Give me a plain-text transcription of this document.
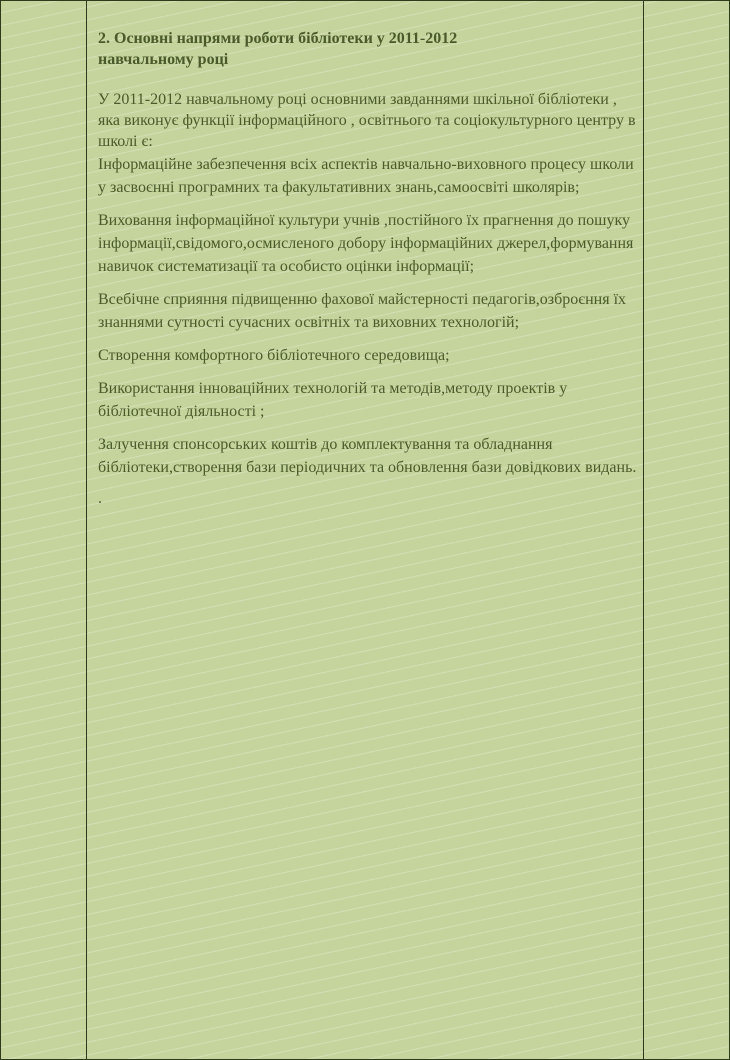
2. Основні напрями роботи бібліотеки у 2011-2012
навчальному році

У 2011-2012 навчальному році основними завданнями шкільної бібліотеки , яка виконує функції інформаційного , освітнього та соціокультурного центру в школі є:

Інформаційне забезпечення всіх аспектів навчально-виховного процесу школи у засвоєнні програмних та факультативних знань,самоосвіті школярів;

Виховання інформаційної культури учнів ,постійного їх прагнення до пошуку інформації,свідомого,осмисленого добору інформаційних джерел,формування навичок систематизації та особисто оцінки інформації;

Всебічне сприяння підвищенню фахової майстерності педагогів,озброєння їх знаннями сутності сучасних освітніх та виховних технологій;

Створення комфортного бібліотечного середовища;

Використання інноваційних технологій та методів,методу проектів у бібліотечної діяльності ;

Залучення спонсорських коштів до комплектування та обладнання бібліотеки,створення бази періодичних та обновлення бази довідкових видань.

.
